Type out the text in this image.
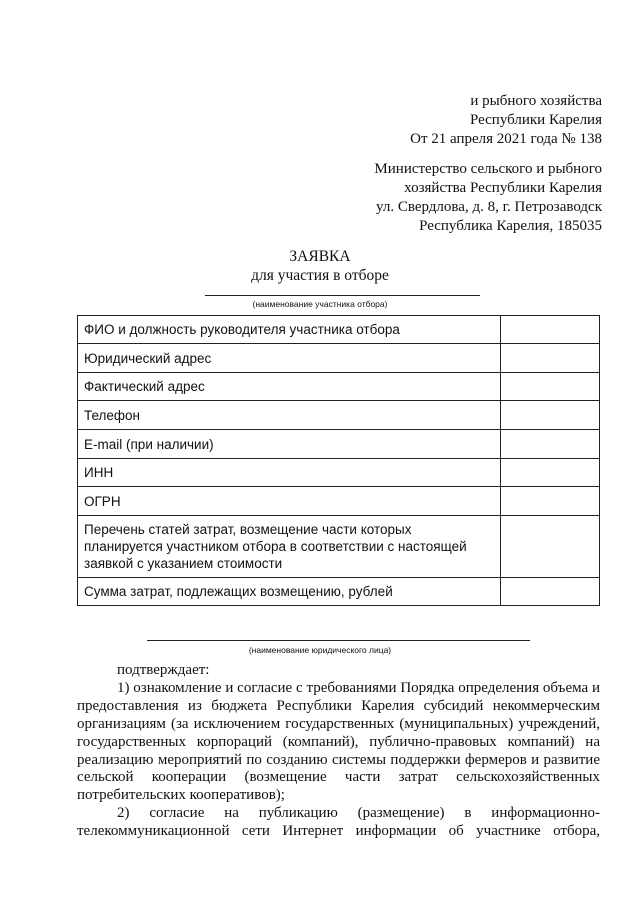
и рыбного хозяйства
Республики Карелия
От 21 апреля 2021 года № 138
Министерство сельского и рыбного
хозяйства Республики Карелия
ул. Свердлова, д. 8, г. Петрозаводск
Республика Карелия, 185035
ЗАЯВКА
для участия в отборе
(наименование участника отбора)
ФИО и должность руководителя участника отбора	
Юридический адрес	
Фактический адрес	
Телефон	
E-mail (при наличии)	
ИНН	
ОГРН	
Перечень статей затрат, возмещение части которых планируется участником отбора в соответствии с настоящей заявкой с указанием стоимости	
Сумма затрат, подлежащих возмещению, рублей	
(наименование юридического лица)

подтверждает:

1) ознакомление и согласие с требованиями Порядка определения объема и предоставления из бюджета Республики Карелия субсидий некоммерческим организациям (за исключением государственных (муниципальных) учреждений, государственных корпораций (компаний), публично-правовых компаний) на реализацию мероприятий по созданию системы поддержки фермеров и развитие сельской кооперации (возмещение части затрат сельскохозяйственных потребительских кооперативов);

2) согласие на публикацию (размещение) в информационно-телекоммуникационной сети Интернет информации об участнике отбора,
